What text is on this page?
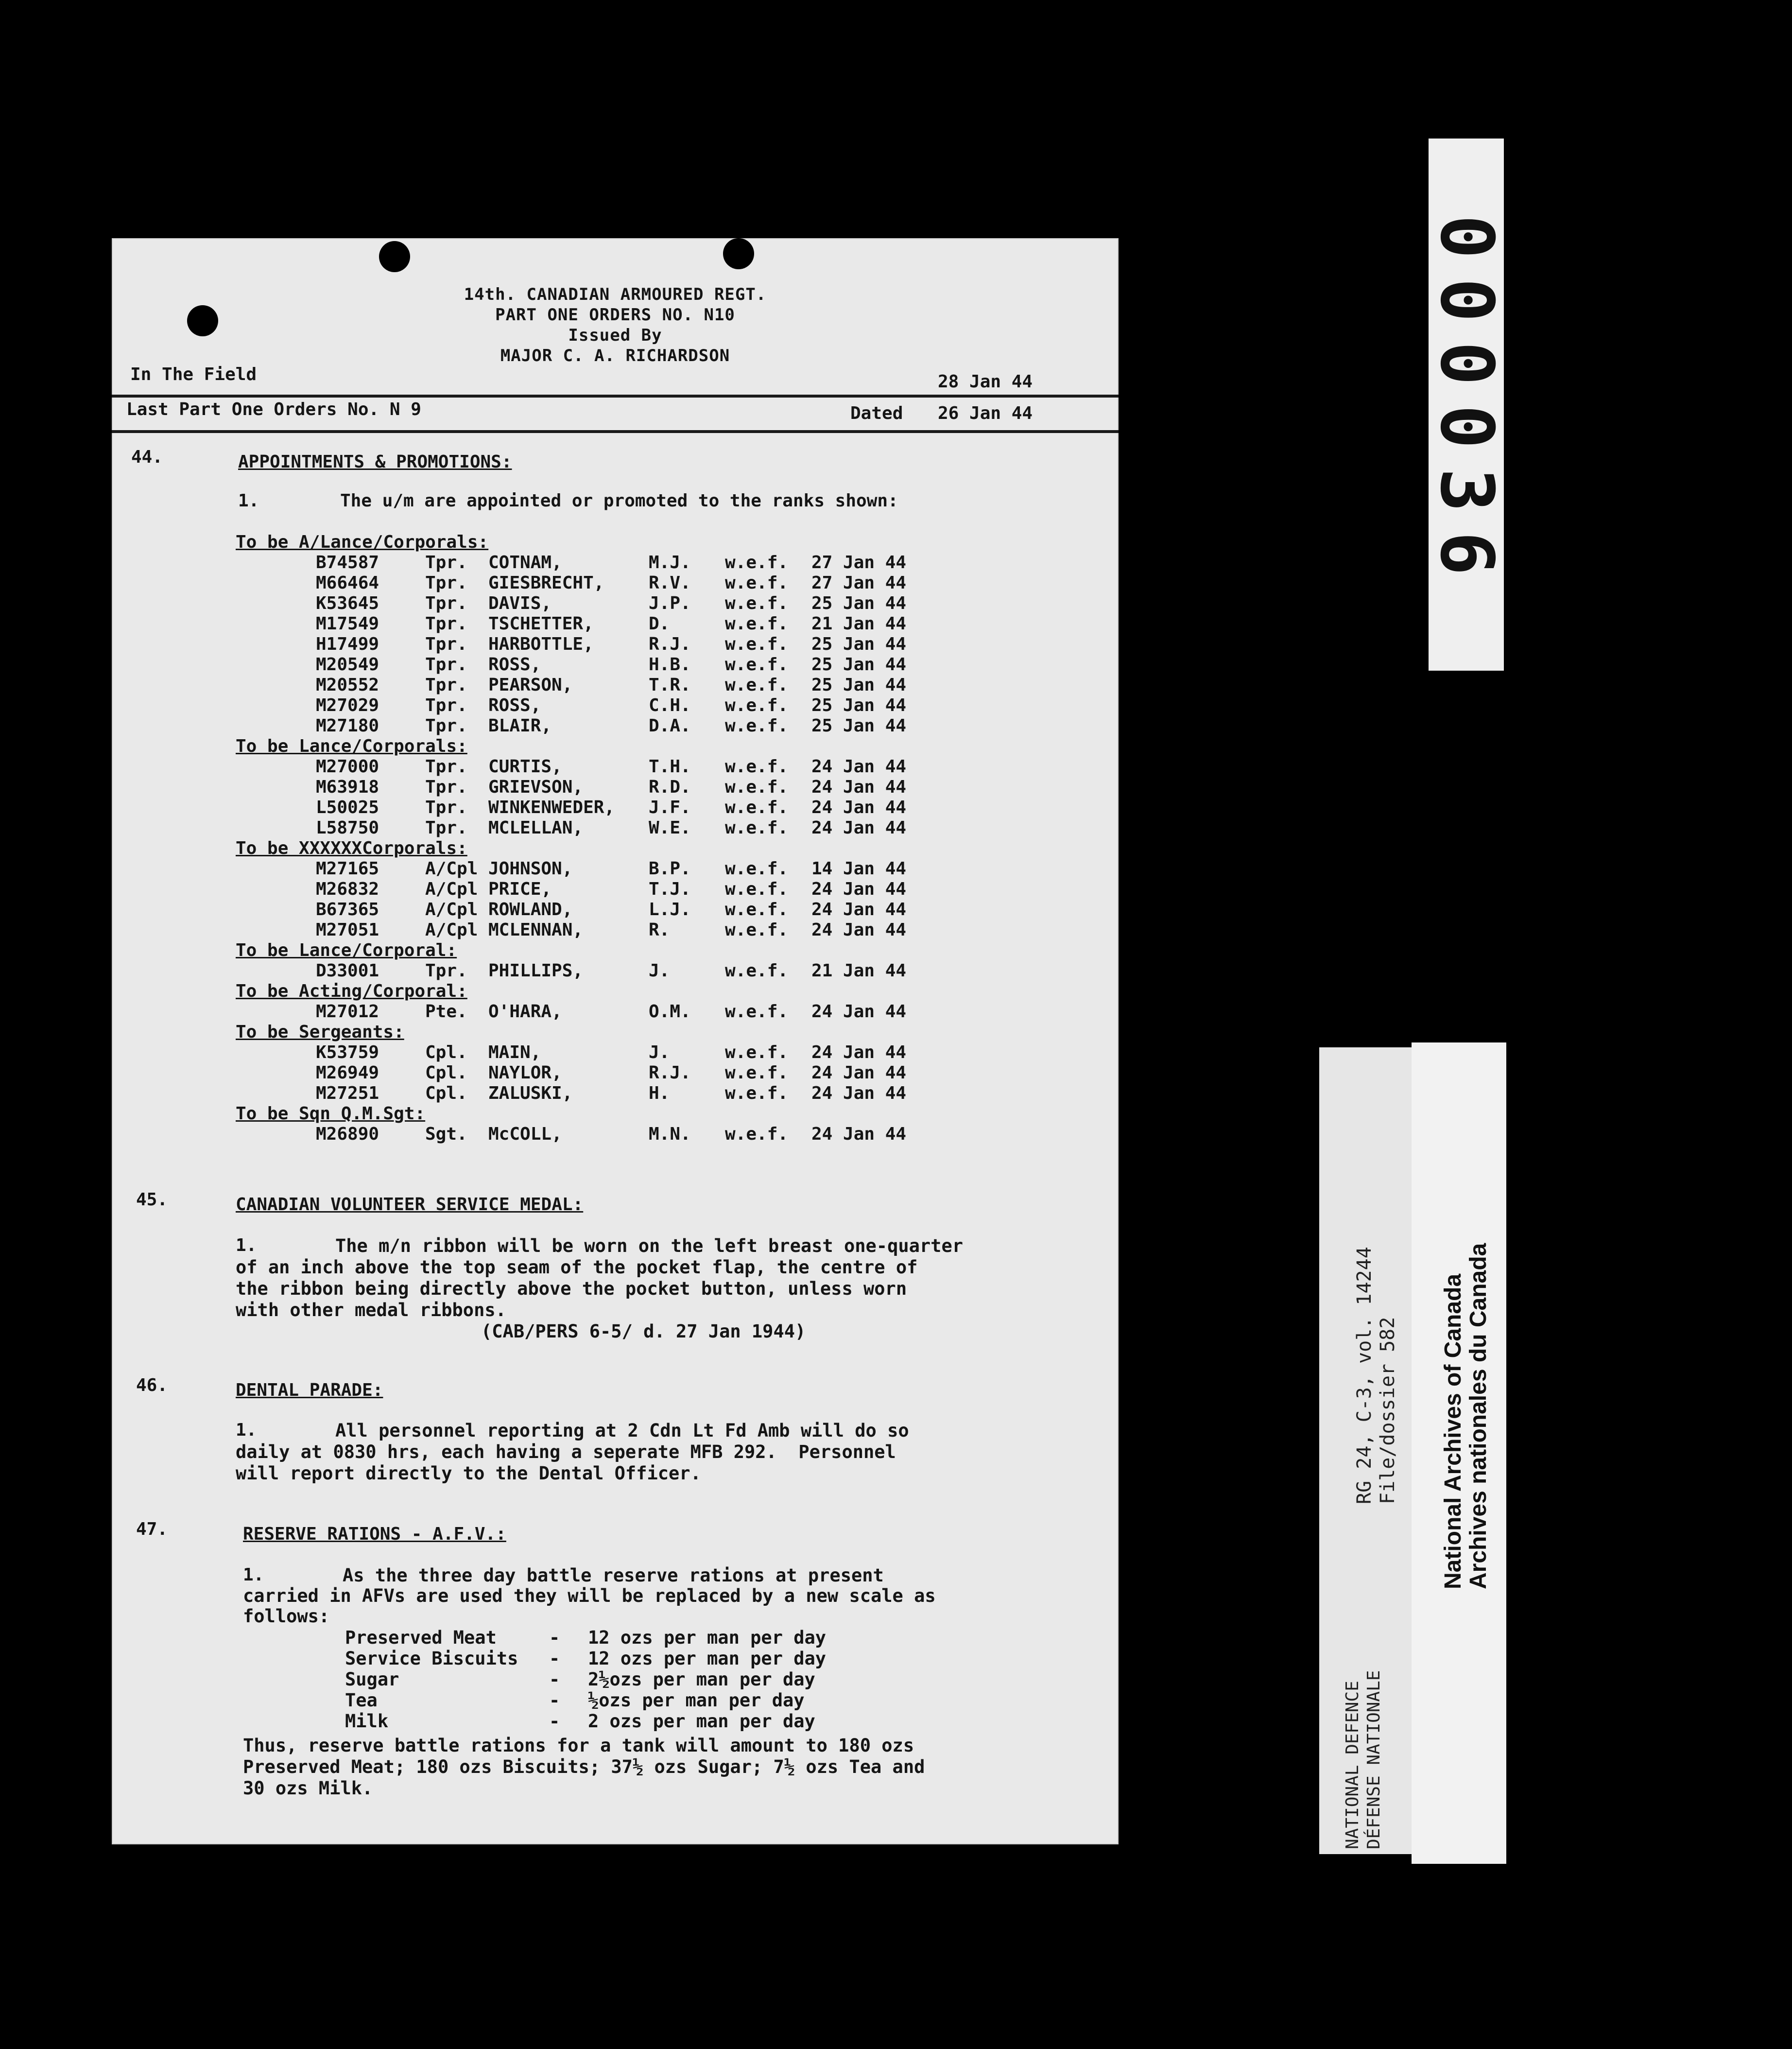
14th. CANADIAN ARMOURED REGT.
PART ONE ORDERS NO. N10
Issued By
MAJOR C. A. RICHARDSON
In The Field	28 Jan 44
Last Part One Orders No. N 9	Dated 26 Jan 44
44.	APPOINTMENTS & PROMOTIONS:
1.	The u/m are appointed or promoted to the ranks shown:
To be A/Lance/Corporals:
B74587	Tpr. COTNAM,	M.J. w.e.f. 27 Jan 44
M66464	Tpr. GIESBRECHT,	R.V. w.e.f. 27 Jan 44
K53645	Tpr. DAVIS,	J.P. w.e.f. 25 Jan 44
M17549	Tpr. TSCHETTER,	D.	w.e.f. 21 Jan 44
H17499	Tpr. HARBOTTLE,	R.J. w.e.f. 25 Jan 44
M20549	Tpr. ROSS,	H.B. w.e.f. 25 Jan 44
M20552	Tpr. PEARSON,	T.R. w.e.f. 25 Jan 44
M27029	Tpr. ROSS,	C.H. w.e.f. 25 Jan 44
M27180	Tpr. BLAIR,	D.A. w.e.f. 25 Jan 44
To be Lance/Corporals:
M27000	Tpr. CURTIS,	T.H. w.e.f. 24 Jan 44
M63918	Tpr. GRIEVSON,	R.D. w.e.f. 24 Jan 44
L50025	Tpr. WINKENWEDER, J.F. w.e.f. 24 Jan 44
L58750	Tpr. MCLELLAN,	W.E. w.e.f. 24 Jan 44
To be XXXXXXCorporals:
M27165	A/Cpl JOHNSON,	B.P. w.e.f. 14 Jan 44
M26832	A/Cpl PRICE,	T.J. w.e.f. 24 Jan 44
B67365	A/Cpl ROWLAND,	L.J. w.e.f. 24 Jan 44
M27051	A/Cpl MCLENNAN,	R.	w.e.f. 24 Jan 44
To be Lance/Corporal:
D33001	Tpr. PHILLIPS,	J.	w.e.f. 21 Jan 44
To be Acting/Corporal:
M27012	Pte. O'HARA,	O.M. w.e.f. 24 Jan 44
To be Sergeants:
K53759	Cpl. MAIN,	J.	w.e.f. 24 Jan 44
M26949	Cpl. NAYLOR,	R.J. w.e.f. 24 Jan 44
M27251	Cpl. ZALUSKI,	H.	w.e.f. 24 Jan 44
To be Sqn Q.M.Sgt:
M26890	Sgt. McCOLL,	M.N. w.e.f. 24 Jan 44
45.	CANADIAN VOLUNTEER SERVICE MEDAL:
1.	The m/n ribbon will be worn on the left breast one-quarter
of an inch above the top seam of the pocket flap, the centre of
the ribbon being directly above the pocket button, unless worn
with other medal ribbons.
(CAB/PERS 6-5/ d. 27 Jan 1944)
46.	DENTAL PARADE:
1.	All personnel reporting at 2 Cdn Lt Fd Amb will do so
daily at 0830 hrs, each having a seperate MFB 292.  Personnel
will report directly to the Dental Officer.
47.	RESERVE RATIONS - A.F.V.:
1.	As the three day battle reserve rations at present
carried in AFVs are used they will be replaced by a new scale as
follows:
Preserved Meat	- 12 ozs per man per day
Service Biscuits - 12 ozs per man per day
Sugar	- 2½ozs per man per day
Tea	- ½ozs per man per day
Milk	- 2 ozs per man per day
Thus, reserve battle rations for a tank will amount to 180 ozs
Preserved Meat; 180 ozs Biscuits; 37½ ozs Sugar; 7½ ozs Tea and
30 ozs Milk.
000036
RG 24, C-3, vol. 14244 File/dossier 582
NATIONAL DEFENCE DÉFENSE NATIONALE
National Archives of Canada Archives nationales du Canada
